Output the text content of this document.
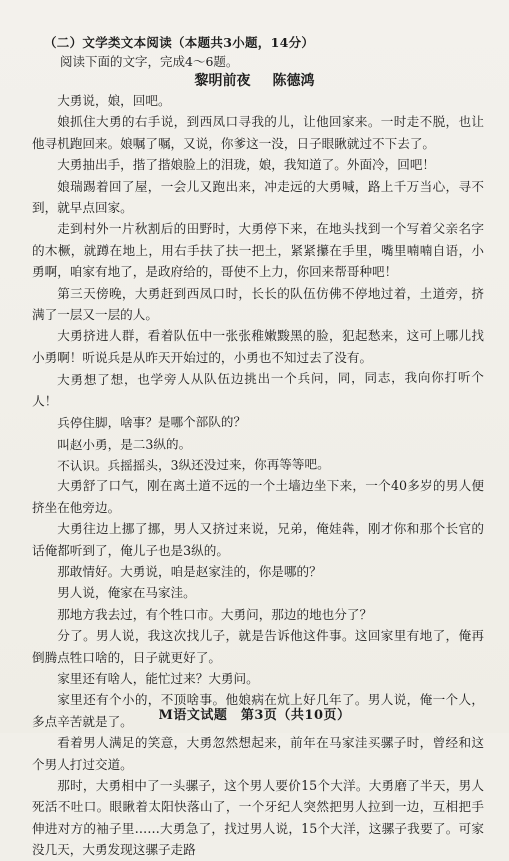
（二）文学类文本阅读（本题共3小题，14分）
阅读下面的文字，完成4～6题。
黎明前夜 陈德鸿

大勇说，娘，回吧。

娘抓住大勇的右手说，到西凤口寻我的儿，让他回家来。一时走不脱，也让他寻机跑回来。娘嘱了嘱，又说，你爹这一没，日子眼瞅就过不下去了。

大勇抽出手，揩了揩娘脸上的泪珑，娘，我知道了。外面冷，回吧！

娘瑞踢着回了屋，一会儿又跑出来，冲走远的大勇喊，路上千万当心，寻不到，就早点回家。

走到村外一片秋割后的田野时，大勇停下来，在地头找到一个写着父亲名字的木橛，就蹲在地上，用右手扶了扶一把土，紧紧攥在手里，嘴里喃喃自语，小勇啊，咱家有地了，是政府给的，哥使不上力，你回来帮哥种吧！

第三天傍晚，大勇赶到西凤口时，长长的队伍仿佛不停地过着，土道旁，挤满了一层又一层的人。

大勇挤进人群，看着队伍中一张张稚嫩黢黑的脸，犯起愁来，这可上哪儿找小勇啊！听说兵是从昨天开始过的，小勇也不知过去了没有。

大勇想了想，也学旁人从队伍边挑出一个兵问，同，同志，我向你打听个人！

兵停住脚，啥事？是哪个部队的？

叫赵小勇，是二3纵的。

不认识。兵摇摇头，3纵还没过来，你再等等吧。

大勇舒了口气，刚在离土道不远的一个土墙边坐下来，一个40多岁的男人便挤坐在他旁边。

大勇往边上挪了挪，男人又挤过来说，兄弟，俺娃犇，刚才你和那个长官的话俺都听到了，俺儿子也是3纵的。

那敢情好。大勇说，咱是赵家洼的，你是哪的？

男人说，俺家在马家洼。

那地方我去过，有个牲口市。大勇问，那边的地也分了？

分了。男人说，我这次找儿子，就是告诉他这件事。这回家里有地了，俺再倒腾点牲口啥的，日子就更好了。

家里还有啥人，能忙过来？大勇问。

家里还有个小的，不顶啥事。他娘病在炕上好几年了。男人说，俺一个人，多点辛苦就是了。

看着男人满足的笑意，大勇忽然想起来，前年在马家洼买骡子时，曾经和这个男人打过交道。

那时，大勇相中了一头骡子，这个男人要价15个大洋。大勇磨了半天，男人死活不吐口。眼瞅着太阳快落山了，一个牙纪人突然把男人拉到一边，互相把手伸进对方的袖子里……大勇急了，找过男人说，15个大洋，这骡子我要了。可家没几天，大勇发现这骡子走路

M语文试题　第3页（共10页）
